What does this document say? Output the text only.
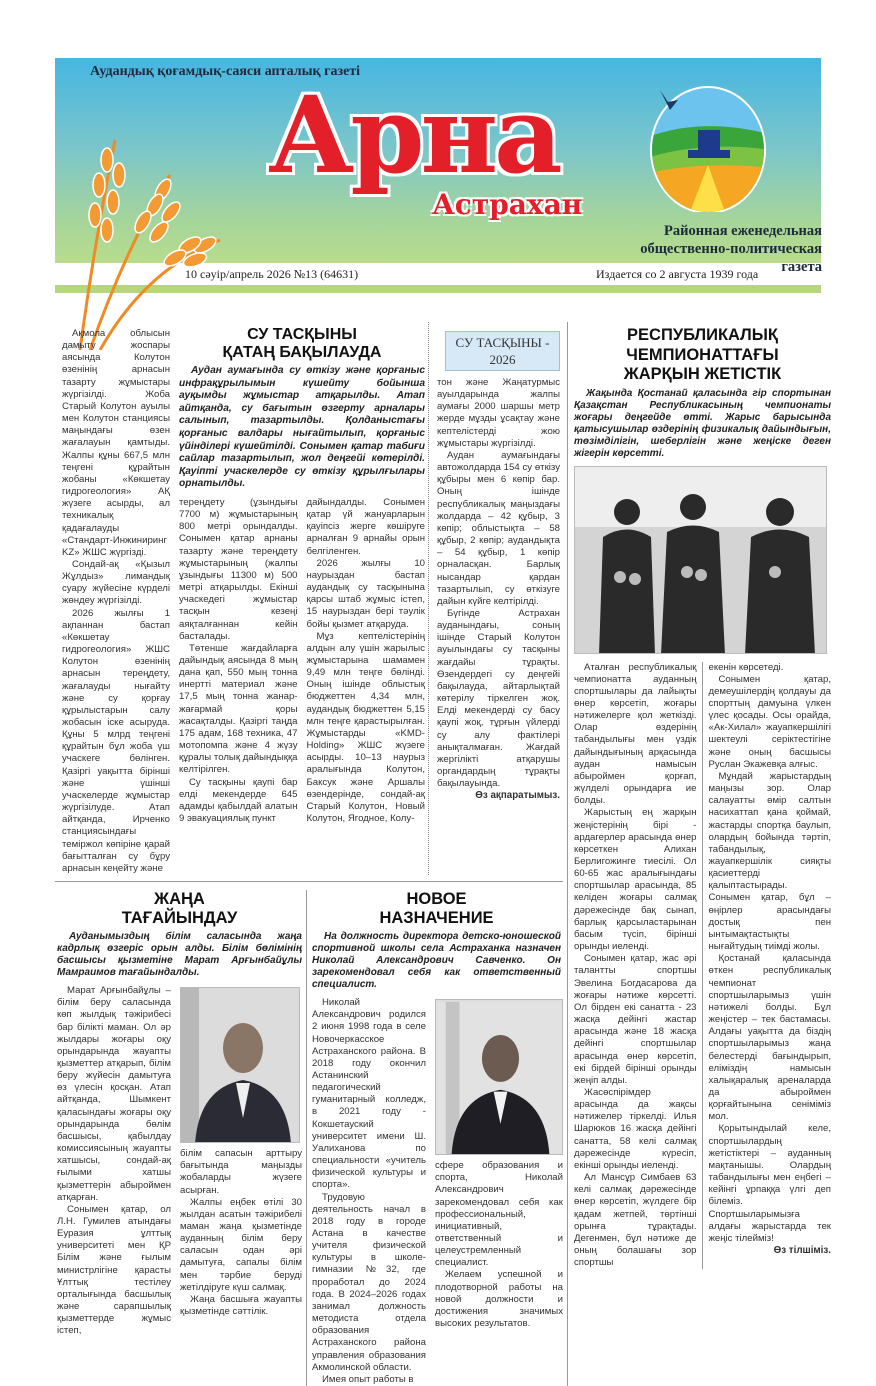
Аудандық қоғамдық-саяси апталық газеті
Арна
Астрахан
Районная еженедельная
общественно-политическая газета
10 сәуір/апрель 2026 №13 (64631)	Издается со 2 августа 1939 года

Ақмола облысын дамыту жоспары аясында Колутон өзенінің арнасын тазарту жұмыстары жүргізілді. Жоба Старый Колутон ауылы мен Колутон станциясы маңындағы өзен жағалауын қамтыды. Жалпы құны 667,5 млн теңгені құрайтын жобаны «Көкшетау гидрогеология» АҚ жүзеге асырды, ал техникалық қадағалауды «Стандарт-Инжиниринг KZ» ЖШС жүргізді.

Сондай-ақ «Қызыл Жұлдыз» лимандық суару жүйесіне күрделі жөндеу жүргізілді.

2026 жылғы 1 ақпаннан бастап «Көкшетау гидрогеология» ЖШС Колутон өзенінің арнасын тереңдету, жағалауды нығайту және су қорғау құрылыстарын салу жобасын іске асыруда. Құны 5 млрд теңгені құрайтын бұл жоба үш учаскеге бөлінген. Қазіргі уақытта бірінші және үшінші учаскелерде жұмыстар жүргізілуде. Атап айтқанда, Ирченко станциясындағы теміржол көпіріне қарай бағытталған су бұру арнасын кеңейту және

СУ ТАСҚЫНЫ
ҚАТАҢ БАҚЫЛАУДА
Аудан аумағында су өткізу және қорғаныс инфрақұрылымын күшейту бойынша ауқымды жұмыстар атқарылды. Атап айтқанда, су бағытын өзгерту арналары салынып, тазартылды. Қолданыстағы қорғаныс валдары нығайтылып, қорғаныс үйінділері күшейтілді. Сонымен қатар табиғи сайлар тазартылып, жол деңгейі көтерілді. Қауіпті учаскелерде су өткізу құрылғылары орнатылды.

тереңдету (ұзындығы 7700 м) жұмыстарының 800 метрі орындалды. Сонымен қатар арнаны тазарту және тереңдету жұмыстарының (жалпы ұзындығы 11300 м) 500 метрі атқарылды. Екінші учаскедегі жұмыстар тасқын кезеңі аяқталғаннан кейін басталады.

Төтенше жағдайларға дайындық аясында 8 мың дана қап, 550 мың тонна инертті материал және 17,5 мың тонна жанар-жағармай қоры жасақталды. Қазіргі таңда 175 адам, 168 техника, 47 мотопомпа және 4 жүзу құралы толық дайындыққа келтірілген.

Су тасқыны қаупі бар елді мекендерде 645 адамды қабылдай алатын 9 эвакуациялық пункт

дайындалды. Сонымен қатар үй жануарларын қауіпсіз жерге көшіруге арналған 9 арнайы орын белгіленген.

2026 жылғы 10 наурыздан бастап аудандық су тасқынына қарсы штаб жұмыс істеп, 15 наурыздан бері тәулік бойы қызмет атқаруда.

Мұз кептелістерінің алдын алу үшін жарылыс жұмыстарына шамамен 9,49 млн теңге бөлінді. Оның ішінде облыстық бюджеттен 4,34 млн, аудандық бюджеттен 5,15 млн теңге қарастырылған. Жұмыстарды «KMD-Holding» ЖШС жүзеге асырды. 10–13 наурыз аралығында Колутон, Баксук және Аршалы өзендерінде, сондай-ақ Старый Колутон, Новый Колутон, Ягодное, Колу-

СУ ТАСҚЫНЫ -
2026

тон және Жаңатурмыс ауылдарында жалпы аумағы 2000 шаршы метр жерде мұзды ұсақтау және кептелістерді жою жұмыстары жүргізілді.

Аудан аумағындағы автожолдарда 154 су өткізу құбыры мен 6 көпір бар. Оның ішінде республикалық маңыздағы жолдарда – 42 құбыр, 3 көпір; облыстықта – 58 құбыр, 2 көпір; аудандықта – 54 құбыр, 1 көпір орналасқан. Барлық нысандар қардан тазартылып, су өткізуге дайын күйге келтірілді.

Бүгінде Астрахан ауданындағы, соның ішінде Старый Колутон ауылындағы су тасқыны жағдайы тұрақты. Өзендердегі су деңгейі бақылауда, айтарлықтай көтерілу тіркелген жоқ. Елді мекендерді су басу қаупі жоқ, тұрғын үйлерді су алу фактілері анықталмаған. Жағдай жергілікті атқарушы органдардың тұрақты бақылауында.

Өз ақпаратымыз.
ЖАҢА
ТАҒАЙЫНДАУ
Ауданымыздың білім саласында жаңа кадрлық өзгеріс орын алды. Білім бөлімінің басшысы қызметіне Марат Арғынбайұлы Мамраимов тағайындалды.

Марат Арғынбайұлы – білім беру саласында көп жылдық тәжірибесі бар білікті маман. Ол әр жылдары жоғары оқу орындарында жауапты қызметтер атқарып, білім беру жүйесін дамытуға өз үлесін қосқан. Атап айтқанда, Шымкент қаласындағы жоғары оқу орындарында бөлім басшысы, қабылдау комиссиясының жауапты хатшысы, сондай-ақ ғылыми хатшы қызметтерін абыроймен атқарған.

Сонымен қатар, ол Л.Н. Гумилев атындағы Еуразия ұлттық университеті мен ҚР Білім және ғылым министрлігіне қарасты Ұлттық тестілеу орталығында басшылық және сарапшылық қызметтерде жұмыс істеп,

білім сапасын арттыру бағытында маңызды жобаларды жүзеге асырған.

Жалпы еңбек өтілі 30 жылдан асатын тәжірибелі маман жаңа қызметінде ауданның білім беру саласын одан әрі дамытуға, сапалы білім мен тәрбие беруді жетілдіруге күш салмақ.

Жаңа басшыға жауапты қызметінде сәттілік.

НОВОЕ
НАЗНАЧЕНИЕ
На должность директора детско-юношеской спортивной школы села Астраханка назначен Николай Александрович Савченко. Он зарекомендовал себя как ответственный специалист.

Николай Александрович родился 2 июня 1998 года в селе Новочеркасское Астраханского района. В 2018 году окончил Астанинский педагогический гуманитарный колледж, в 2021 году - Кокшетауский университет имени Ш. Уалиханова по специальности «учитель физической культуры и спорта».

Трудовую деятельность начал в 2018 году в городе Астана в качестве учителя физической культуры в школе-гимназии №32, где проработал до 2024 года. В 2024–2026 годах занимал должность методиста отдела образования Астраханского района управления образования Акмолинской области.

Имея опыт работы в

сфере образования и спорта, Николай Александрович зарекомендовал себя как профессиональный, инициативный, ответственный и целеустремленный специалист.

Желаем успешной и плодотворной работы на новой должности и достижения значимых высоких результатов.

РЕСПУБЛИКАЛЫҚ
ЧЕМПИОНАТТАҒЫ
ЖАРҚЫН ЖЕТІСТІК
Жақында Қостанай қаласында гір спортынан Қазақстан Республикасының чемпионаты жоғары деңгейде өтті. Жарыс барысында қатысушылар өздерінің физикалық дайындығын, төзімділігін, шеберлігін және жеңіске деген жігерін көрсетті.

Аталған республикалық чемпионатта ауданның спортшылары да лайықты өнер көрсетіп, жоғары нәтижелерге қол жеткізді. Олар өздерінің табандылығы мен үздік дайындығының арқасында аудан намысын абыроймен қорғап, жүлделі орындарға ие болды.

Жарыстың ең жарқын жеңістерінің бірі - ардагерлер арасында өнер көрсеткен Алихан Берлигожинге тиесілі. Ол 60-65 жас аралығындағы спортшылар арасында, 85 келіден жоғары салмақ дәрежесінде бақ сынап, барлық қарсыластарынан басым түсіп, бірінші орынды иеленді.

Сонымен қатар, жас әрі талантты спортшы Эвелина Богдасарова да жоғары нәтиже көрсетті. Ол бірден екі санатта - 23 жасқа дейінгі жастар арасында және 18 жасқа дейінгі спортшылар арасында өнер көрсетіп, екі бірдей бірінші орынды жеңіп алды.

Жасөспірімдер арасында да жақсы нәтижелер тіркелді. Илья Шарюков 16 жасқа дейінгі санатта, 58 келі салмақ дәрежесінде күресіп, екінші орынды иеленді.

Ал Мансұр Симбаев 63 келі салмақ дәрежесінде өнер көрсетіп, жүлдеге бір қадам жетпей, төртінші орынға тұрақтады. Дегенмен, бұл нәтиже де оның болашағы зор спортшы

екенін көрсетеді.

Сонымен қатар, демеушілердің қолдауы да спорттың дамуына үлкен үлес қосады. Осы орайда, «Ак-Хилал» жауапкершілігі шектеулі серіктестігіне және оның басшысы Руслан Экажевқа алғыс.

Мұндай жарыстардың маңызы зор. Олар салауатты өмір салтын насихаттап қана қоймай, жастарды спортқа баулып, олардың бойында тәртіп, табандылық, жауапкершілік сияқты қасиеттерді қалыптастырады. Сонымен қатар, бұл – өңірлер арасындағы достық пен ынтымақтастықты нығайтудың тиімді жолы.

Қостанай қаласында өткен республикалық чемпионат спортшыларымыз үшін нәтижелі болды. Бұл жеңістер – тек бастамасы. Алдағы уақытта да біздің спортшыларымыз жаңа белестерді бағындырып, еліміздің намысын халықаралық ареналарда да абыроймен қорғайтынына сеніміміз мол.

Қорытындылай келе, спортшылардың жетістіктері – ауданның мақтанышы. Олардың табандылығы мен еңбегі – кейінгі ұрпаққа үлгі деп білеміз. Спортшыларымызға алдағы жарыстарда тек жеңіс тілейміз!

Өз тілшіміз.
